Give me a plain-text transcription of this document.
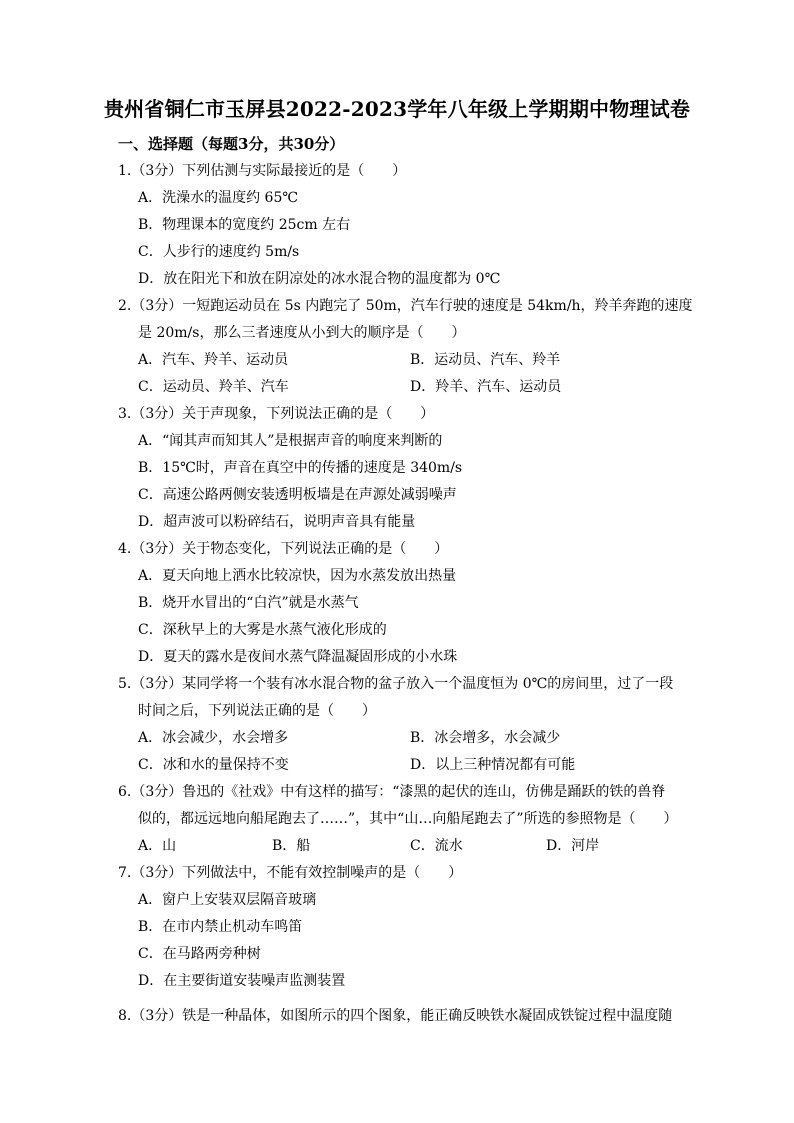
贵州省铜仁市玉屏县2022-2023学年八年级上学期期中物理试卷
一、选择题（每题3分，共30分）
1.（3分）下列估测与实际最接近的是（　　）
A．洗澡水的温度约 65℃
B．物理课本的宽度约 25cm 左右
C．人步行的速度约 5m/s
D．放在阳光下和放在阴凉处的冰水混合物的温度都为 0℃
2.（3分）一短跑运动员在 5s 内跑完了 50m，汽车行驶的速度是 54km/h，羚羊奔跑的速度
是 20m/s，那么三者速度从小到大的顺序是（　　）
A．汽车、羚羊、运动员	B．运动员、汽车、羚羊
C．运动员、羚羊、汽车	D．羚羊、汽车、运动员
3.（3分）关于声现象，下列说法正确的是（　　）
A．“闻其声而知其人”是根据声音的响度来判断的
B．15℃时，声音在真空中的传播的速度是 340m/s
C．高速公路两侧安装透明板墙是在声源处减弱噪声
D．超声波可以粉碎结石，说明声音具有能量
4.（3分）关于物态变化，下列说法正确的是（　　）
A．夏天向地上洒水比较凉快，因为水蒸发放出热量
B．烧开水冒出的“白汽”就是水蒸气
C．深秋早上的大雾是水蒸气液化形成的
D．夏天的露水是夜间水蒸气降温凝固形成的小水珠
5.（3分）某同学将一个装有冰水混合物的盆子放入一个温度恒为 0℃的房间里，过了一段
时间之后，下列说法正确的是（　　）
A．冰会减少，水会增多	B．冰会增多，水会减少
C．冰和水的量保持不变	D．以上三种情况都有可能
6.（3分）鲁迅的《社戏》中有这样的描写：“漆黑的起伏的连山，仿佛是踊跃的铁的兽脊
似的，都远远地向船尾跑去了……”，其中“山…向船尾跑去了”所选的参照物是（　　）
A．山	B．船	C．流水	D．河岸
7.（3分）下列做法中，不能有效控制噪声的是（　　）
A．窗户上安装双层隔音玻璃
B．在市内禁止机动车鸣笛
C．在马路两旁种树
D．在主要街道安装噪声监测装置
8.（3分）铁是一种晶体，如图所示的四个图象，能正确反映铁水凝固成铁锭过程中温度随
